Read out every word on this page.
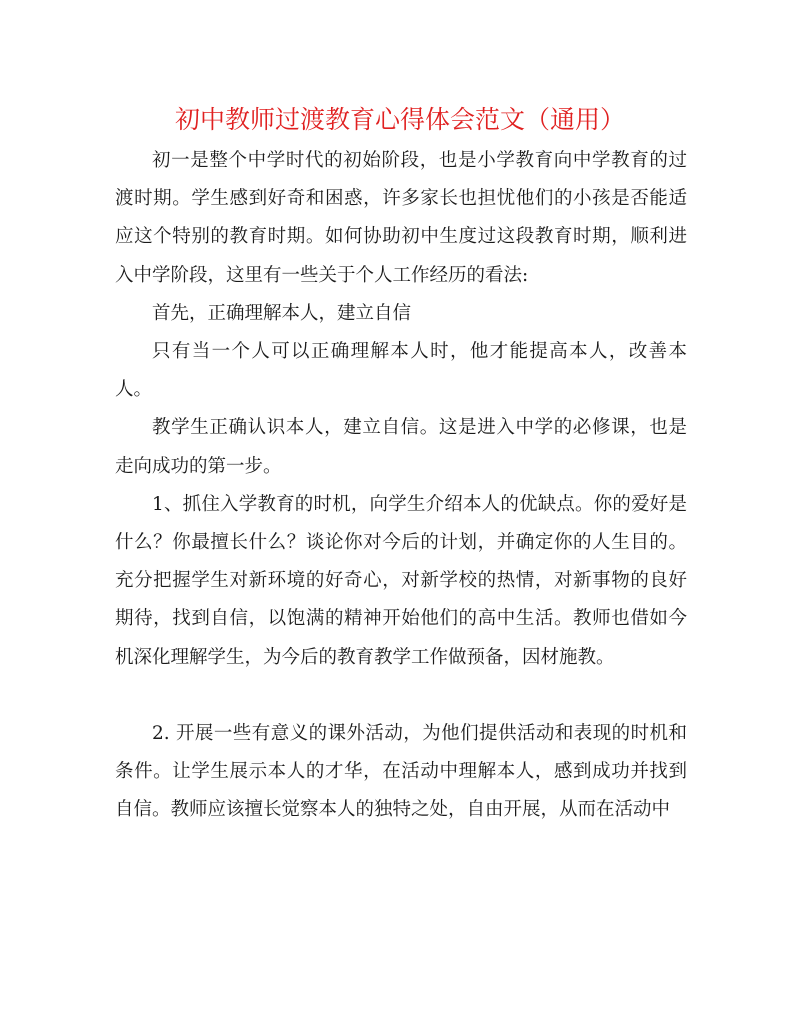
初中教师过渡教育心得体会范文（通用）

初一是整个中学时代的初始阶段，也是小学教育向中学教育的过渡时期。学生感到好奇和困惑，许多家长也担忧他们的小孩是否能适应这个特别的教育时期。如何协助初中生度过这段教育时期，顺利进入中学阶段，这里有一些关于个人工作经历的看法:

首先，正确理解本人，建立自信

只有当一个人可以正确理解本人时，他才能提高本人，改善本人。

教学生正确认识本人，建立自信。这是进入中学的必修课，也是走向成功的第一步。

1、抓住入学教育的时机，向学生介绍本人的优缺点。你的爱好是什么？你最擅长什么？谈论你对今后的计划，并确定你的人生目的。充分把握学生对新环境的好奇心，对新学校的热情，对新事物的良好期待，找到自信，以饱满的精神开始他们的高中生活。教师也借如今机深化理解学生，为今后的教育教学工作做预备，因材施教。

2. 开展一些有意义的课外活动，为他们提供活动和表现的时机和条件。让学生展示本人的才华，在活动中理解本人，感到成功并找到自信。教师应该擅长觉察本人的独特之处，自由开展，从而在活动中
